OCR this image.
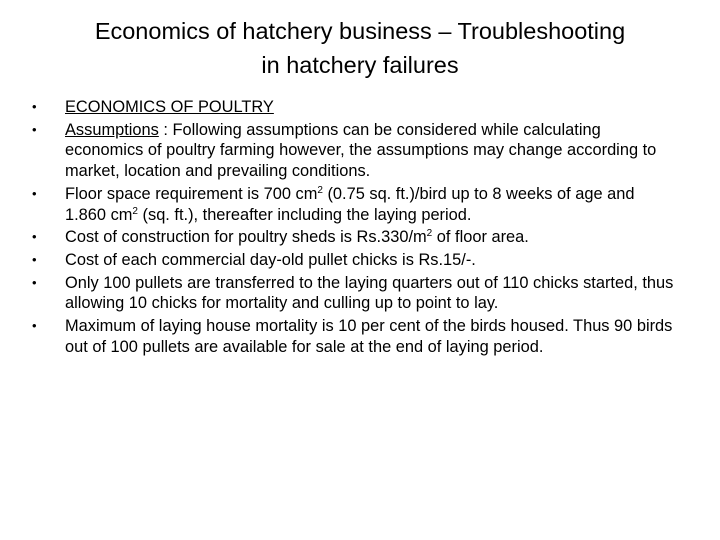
Economics of hatchery business – Troubleshooting
in hatchery failures
• ECONOMICS OF POULTRY
• Assumptions : Following assumptions can be considered while calculating economics of poultry farming however, the assumptions may change according to market, location and prevailing conditions.
• Floor space requirement is 700 $cm^2$ (0.75 sq. ft.)/bird up to 8 weeks of age and 1.860 $cm^2$ (sq. ft.), thereafter including the laying period.
• Cost of construction for poultry sheds is $Rs.330/m^2$ of floor area.
• Cost of each commercial day-old pullet chicks is Rs.15/-.
• Only 100 pullets are transferred to the laying quarters out of 110 chicks started, thus allowing 10 chicks for mortality and culling up to point to lay.
• Maximum of laying house mortality is 10 per cent of the birds housed. Thus 90 birds out of 100 pullets are available for sale at the end of laying period.
